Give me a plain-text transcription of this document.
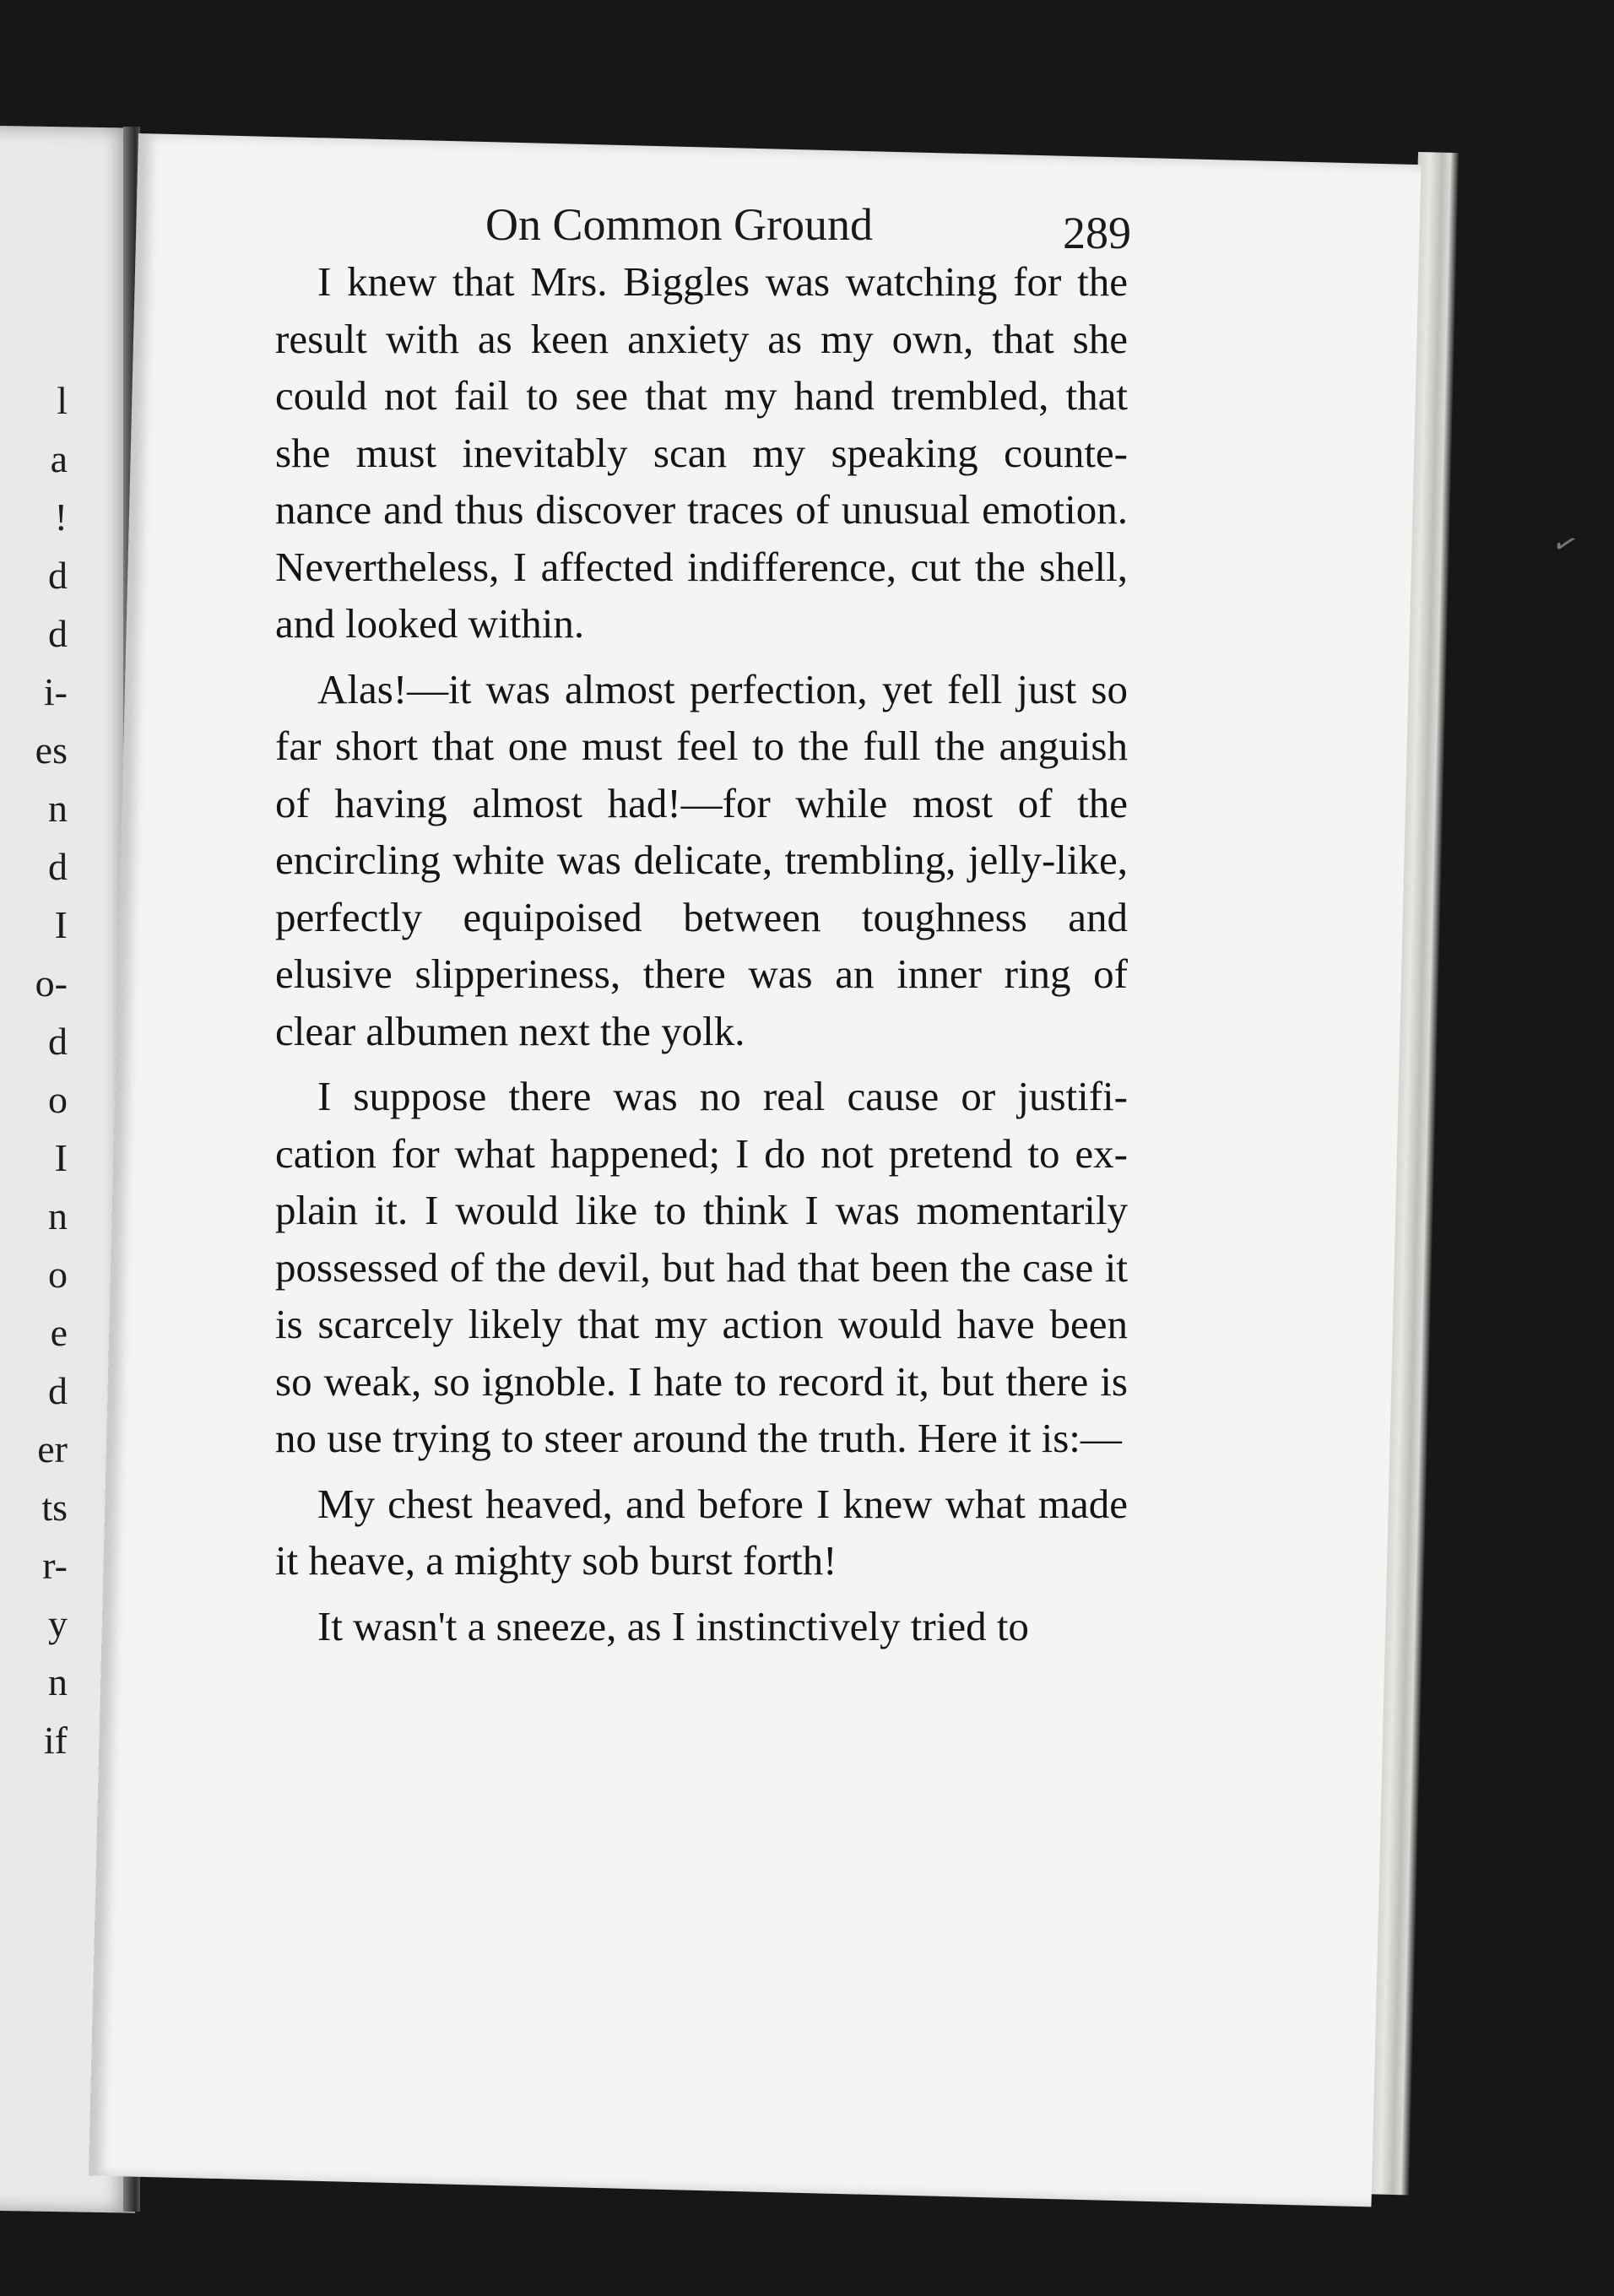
l
a
!
d
d
i-
es
n
d
I
o-
d
o
I
n
o
e
d
er
ts
r-
y
n
if
On Common Ground	289

I knew that Mrs. Biggles was watching for the result with as keen anxiety as my own, that she could not fail to see that my hand trembled, that she must inevitably scan my speaking counte-nance and thus discover traces of unusual emotion. Nevertheless, I affected indifference, cut the shell, and looked within.

Alas!—it was almost perfection, yet fell just so far short that one must feel to the full the anguish of having almost had!—for while most of the encircling white was delicate, trembling, jelly-like, perfectly equipoised between toughness and elusive slipperiness, there was an inner ring of clear albumen next the yolk.

I suppose there was no real cause or justifi-cation for what happened; I do not pretend to ex-plain it. I would like to think I was momentarily possessed of the devil, but had that been the case it is scarcely likely that my action would have been so weak, so ignoble. I hate to record it, but there is no use trying to steer around the truth. Here it is:—

My chest heaved, and before I knew what made it heave, a mighty sob burst forth!

It wasn't a sneeze, as I instinctively tried to

✓
